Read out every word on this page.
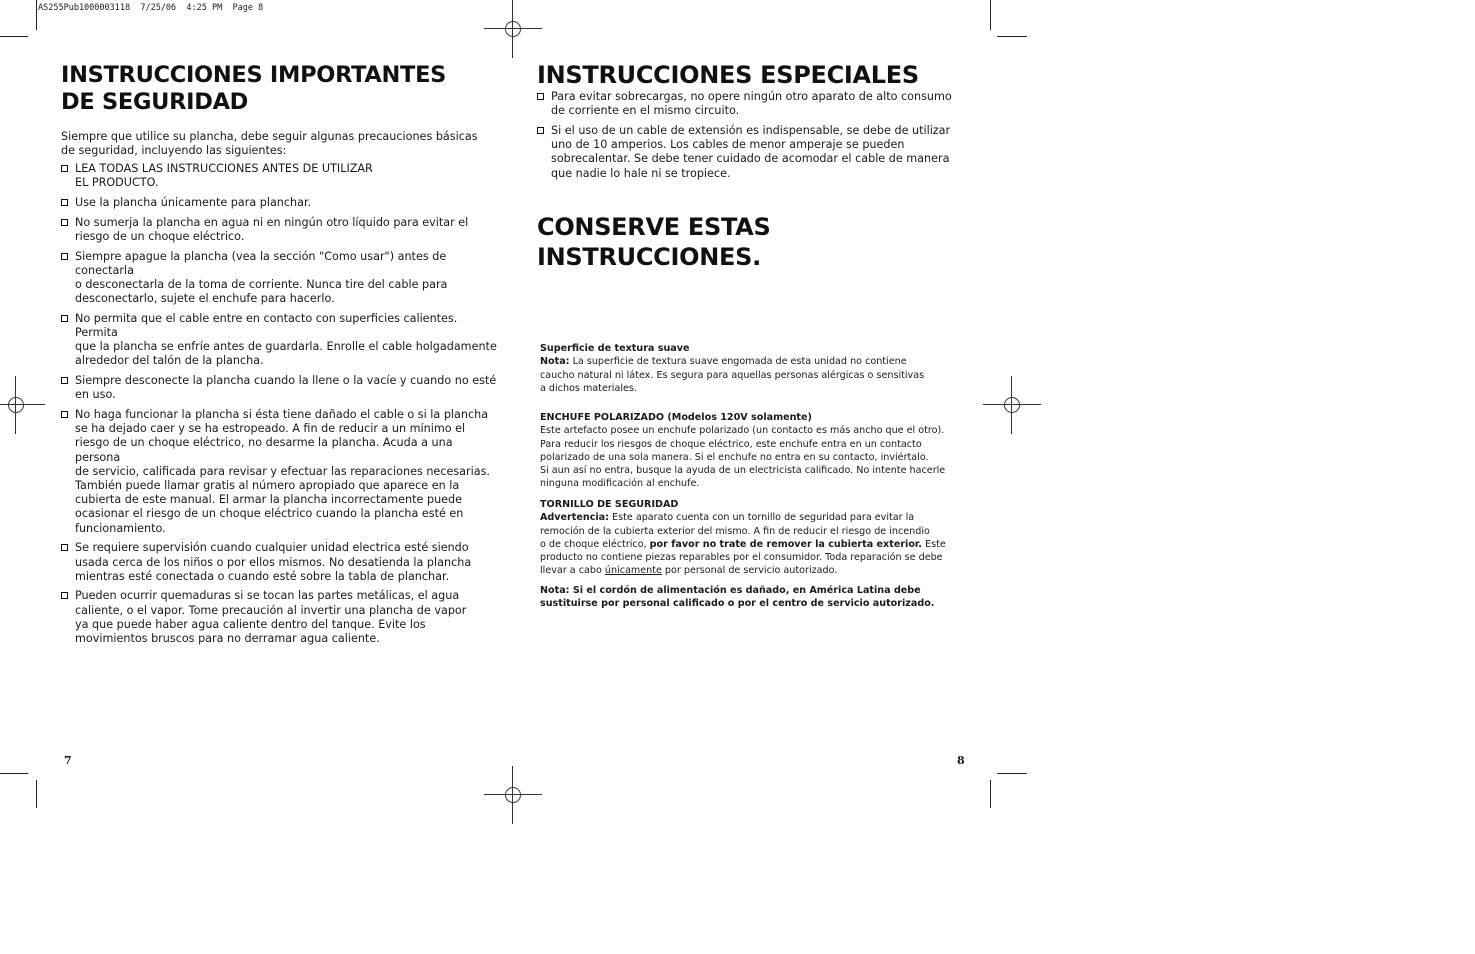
AS255Pub1000003118  7/25/06  4:25 PM  Page 8
INSTRUCCIONES IMPORTANTES
DE SEGURIDAD
Siempre que utilice su plancha, debe seguir algunas precauciones básicas
de seguridad, incluyendo las siguientes:
LEA TODAS LAS INSTRUCCIONES ANTES DE UTILIZAR
EL PRODUCTO.
Use la plancha únicamente para planchar.
No sumerja la plancha en agua ni en ningún otro líquido para evitar el
riesgo de un choque eléctrico.
Siempre apague la plancha (vea la sección "Como usar") antes de conectarla
o desconectarla de la toma de corriente. Nunca tire del cable para
desconectarlo, sujete el enchufe para hacerlo.
No permita que el cable entre en contacto con superficies calientes. Permita
que la plancha se enfríe antes de guardarla. Enrolle el cable holgadamente
alrededor del talón de la plancha.
Siempre desconecte la plancha cuando la llene o la vacíe y cuando no esté
en uso.
No haga funcionar la plancha si ésta tiene dañado el cable o si la plancha
se ha dejado caer y se ha estropeado. A fin de reducir a un mínimo el
riesgo de un choque eléctrico, no desarme la plancha. Acuda a una persona
de servicio, calificada para revisar y efectuar las reparaciones necesarias.
También puede llamar gratis al número apropiado que aparece en la
cubierta de este manual. El armar la plancha incorrectamente puede
ocasionar el riesgo de un choque eléctrico cuando la plancha esté en
funcionamiento.
Se requiere supervisión cuando cualquier unidad electrica esté siendo
usada cerca de los niños o por ellos mismos. No desatienda la plancha
mientras esté conectada o cuando esté sobre la tabla de planchar.
Pueden ocurrir quemaduras si se tocan las partes metálicas, el agua
caliente, o el vapor. Tome precaución al invertir una plancha de vapor
ya que puede haber agua caliente dentro del tanque. Evite los
movimientos bruscos para no derramar agua caliente.
7
INSTRUCCIONES ESPECIALES
Para evitar sobrecargas, no opere ningún otro aparato de alto consumo
de corriente en el mismo circuito.
Si el uso de un cable de extensión es indispensable, se debe de utilizar
uno de 10 amperios. Los cables de menor amperaje se pueden
sobrecalentar. Se debe tener cuidado de acomodar el cable de manera
que nadie lo hale ni se tropiece.
CONSERVE ESTAS
INSTRUCCIONES.

Superficie de textura suave

Nota: La superficie de textura suave engomada de esta unidad no contiene

caucho natural ni látex. Es segura para aquellas personas alérgicas o sensitivas

a dichos materiales.

ENCHUFE POLARIZADO (Modelos 120V solamente)

Este artefacto posee un enchufe polarizado (un contacto es más ancho que el otro).

Para reducir los riesgos de choque eléctrico, este enchufe entra en un contacto

polarizado de una sola manera. Si el enchufe no entra en su contacto, inviértalo.

Si aun así no entra, busque la ayuda de un electricista calificado. No intente hacerle

ninguna modificación al enchufe.

TORNILLO DE SEGURIDAD

Advertencia: Este aparato cuenta con un tornillo de seguridad para evitar la

remoción de la cubierta exterior del mismo. A fin de reducir el riesgo de incendio

o de choque eléctrico, por favor no trate de remover la cubierta exterior. Este

producto no contiene piezas reparables por el consumidor. Toda reparación se debe

llevar a cabo únicamente por personal de servicio autorizado.

Nota: Si el cordón de alimentación es dañado, en América Latina debe

sustituirse por personal calificado o por el centro de servicio autorizado.

8
